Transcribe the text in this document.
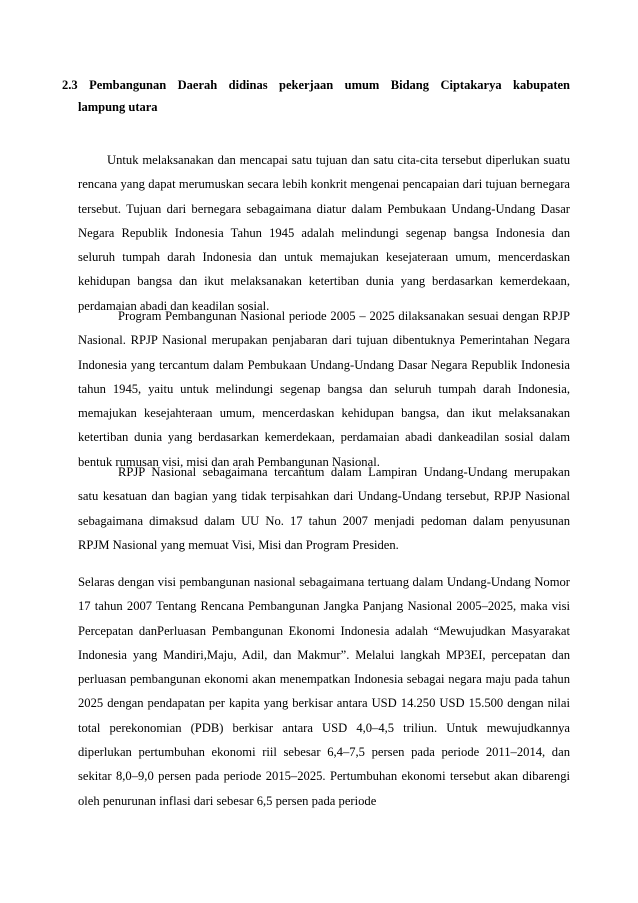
2.3 Pembangunan Daerah didinas pekerjaan umum Bidang Ciptakarya kabupaten

lampung utara

Untuk melaksanakan dan mencapai satu tujuan dan satu cita-cita tersebut diperlukan suatu rencana yang dapat merumuskan secara lebih konkrit mengenai pencapaian dari tujuan bernegara tersebut. Tujuan dari bernegara sebagaimana diatur dalam Pembukaan Undang-Undang Dasar Negara Republik Indonesia Tahun 1945 adalah melindungi segenap bangsa Indonesia dan seluruh tumpah darah Indonesia dan untuk memajukan kesejateraan umum, mencerdaskan kehidupan bangsa dan ikut melaksanakan ketertiban dunia yang berdasarkan kemerdekaan, perdamaian abadi dan keadilan sosial.

Program Pembangunan Nasional periode 2005 – 2025 dilaksanakan sesuai dengan RPJP Nasional. RPJP Nasional merupakan penjabaran dari tujuan dibentuknya Pemerintahan Negara Indonesia yang tercantum dalam Pembukaan Undang-Undang Dasar Negara Republik Indonesia tahun 1945, yaitu untuk melindungi segenap bangsa dan seluruh tumpah darah Indonesia, memajukan kesejahteraan umum, mencerdaskan kehidupan bangsa, dan ikut melaksanakan ketertiban dunia yang berdasarkan kemerdekaan, perdamaian abadi dankeadilan sosial dalam bentuk rumusan visi, misi dan arah Pembangunan Nasional.

RPJP Nasional sebagaimana tercantum dalam Lampiran Undang-Undang merupakan satu kesatuan dan bagian yang tidak terpisahkan dari Undang-Undang tersebut, RPJP Nasional sebagaimana dimaksud dalam UU No. 17 tahun 2007 menjadi pedoman dalam penyusunan RPJM Nasional yang memuat Visi, Misi dan Program Presiden.

Selaras dengan visi pembangunan nasional sebagaimana tertuang dalam Undang-Undang Nomor 17 tahun 2007 Tentang Rencana Pembangunan Jangka Panjang Nasional 2005–2025, maka visi Percepatan danPerluasan Pembangunan Ekonomi Indonesia adalah “Mewujudkan Masyarakat Indonesia yang Mandiri,Maju, Adil, dan Makmur”. Melalui langkah MP3EI, percepatan dan perluasan pembangunan ekonomi akan menempatkan Indonesia sebagai negara maju pada tahun 2025 dengan pendapatan per kapita yang berkisar antara USD 14.250 USD 15.500 dengan nilai total perekonomian (PDB) berkisar antara USD 4,0–4,5 triliun. Untuk mewujudkannya diperlukan pertumbuhan ekonomi riil sebesar 6,4–7,5 persen pada periode 2011–2014, dan sekitar 8,0–9,0 persen pada periode 2015–2025. Pertumbuhan ekonomi tersebut akan dibarengi oleh penurunan inflasi dari sebesar 6,5 persen pada periode
